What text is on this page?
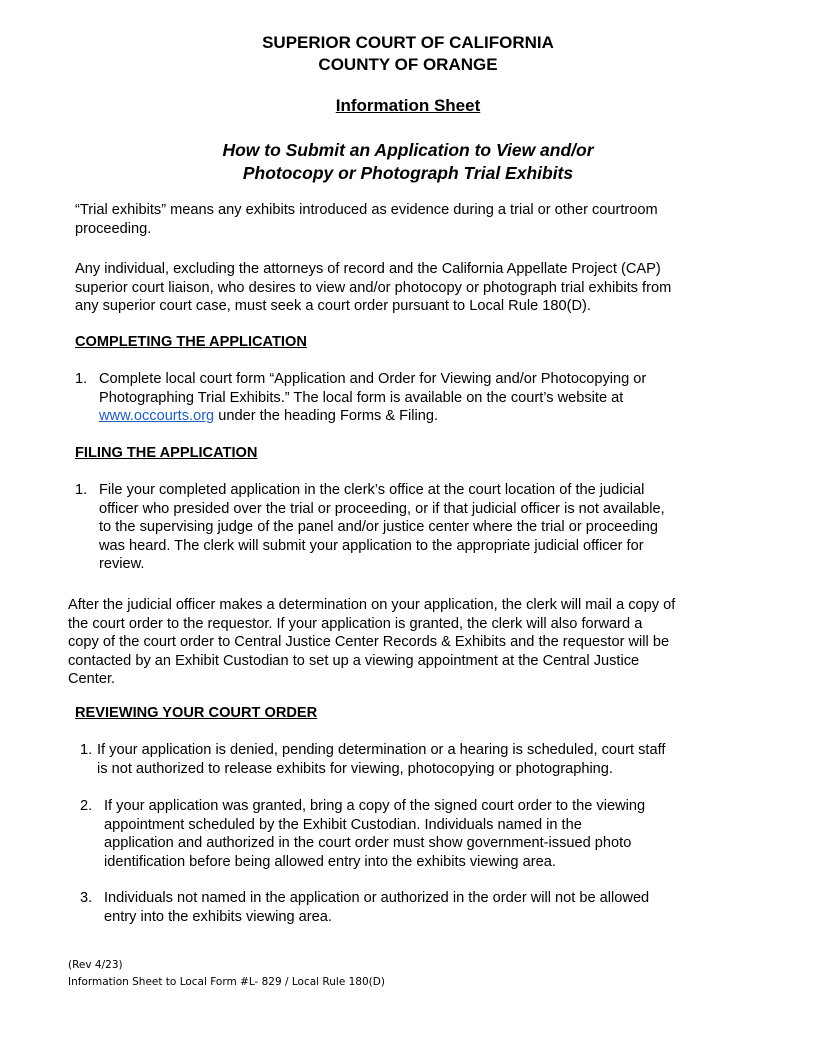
SUPERIOR COURT OF CALIFORNIA
COUNTY OF ORANGE
Information Sheet
How to Submit an Application to View and/or
Photocopy or Photograph Trial Exhibits
“Trial exhibits” means any exhibits introduced as evidence during a trial or other courtroom
proceeding.
Any individual, excluding the attorneys of record and the California Appellate Project (CAP)
superior court liaison, who desires to view and/or photocopy or photograph trial exhibits from
any superior court case, must seek a court order pursuant to Local Rule 180(D).
COMPLETING THE APPLICATION
1. Complete local court form “Application and Order for Viewing and/or Photocopying or
Photographing Trial Exhibits.” The local form is available on the court’s website at
www.occourts.org under the heading Forms & Filing.
FILING THE APPLICATION
1. File your completed application in the clerk’s office at the court location of the judicial
officer who presided over the trial or proceeding, or if that judicial officer is not available,
to the supervising judge of the panel and/or justice center where the trial or proceeding
was heard. The clerk will submit your application to the appropriate judicial officer for
review.
After the judicial officer makes a determination on your application, the clerk will mail a copy of
the court order to the requestor. If your application is granted, the clerk will also forward a
copy of the court order to Central Justice Center Records & Exhibits and the requestor will be
contacted by an Exhibit Custodian to set up a viewing appointment at the Central Justice
Center.
REVIEWING YOUR COURT ORDER
1. If your application is denied, pending determination or a hearing is scheduled, court staff
is not authorized to release exhibits for viewing, photocopying or photographing.
2. If your application was granted, bring a copy of the signed court order to the viewing
appointment scheduled by the Exhibit Custodian. Individuals named in the
application and authorized in the court order must show government-issued photo
identification before being allowed entry into the exhibits viewing area.
3. Individuals not named in the application or authorized in the order will not be allowed
entry into the exhibits viewing area.
(Rev 4/23)
Information Sheet to Local Form #L- 829 / Local Rule 180(D)
